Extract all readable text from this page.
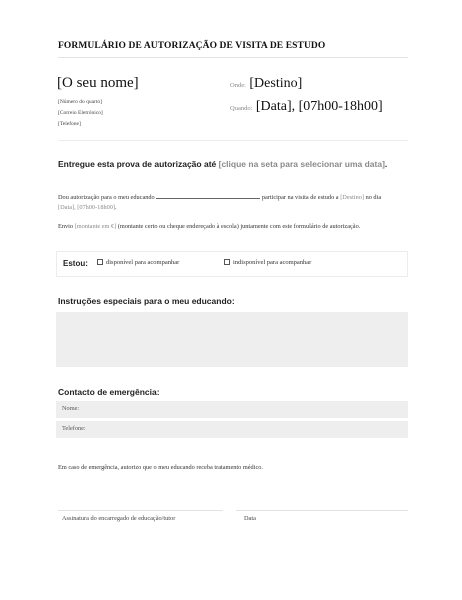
FORMULÁRIO DE AUTORIZAÇÃO DE VISITA DE ESTUDO
[O seu nome]
[Número do quarto]
[Correio Eletrónico]
[Telefone]
Onde: [Destino]
Quando: [Data], [07h00-18h00]
Entregue esta prova de autorização até [clique na seta para selecionar uma data].
Dou autorização para o meu educando	participar na visita de estudo a [Destino] no dia [Data], [07h00-18h00].
Envio [montante em €] (montante certo ou cheque endereçado à escola) juntamente com este formulário de autorização.
Estou:	disponível para acompanhar	indisponível para acompanhar
Instruções especiais para o meu educando:
Contacto de emergência:
Nome:
Telefone:
Em caso de emergência, autorizo que o meu educando receba tratamento médico.
Assinatura do encarregado de educação/tutor	Data
